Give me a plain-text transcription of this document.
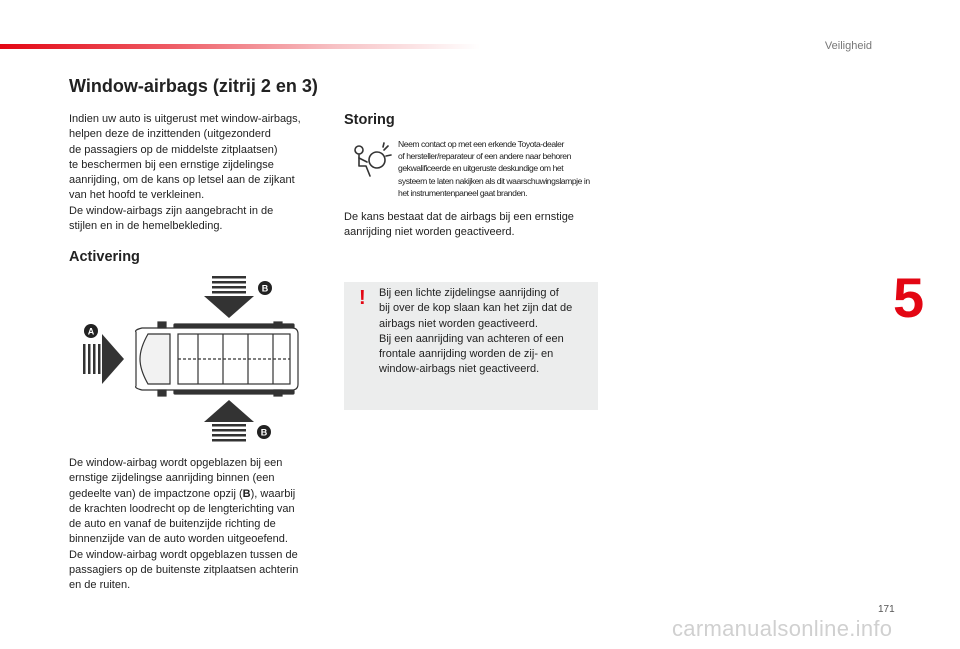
Veiligheid
5
Window-airbags (zitrij 2 en 3)

Indien uw auto is uitgerust met window-airbags,
helpen deze de inzittenden (uitgezonderd
de passagiers op de middelste zitplaatsen)
te beschermen bij een ernstige zijdelingse
aanrijding, om de kans op letsel aan de zijkant
van het hoofd te verkleinen.
De window-airbags zijn aangebracht in de
stijlen en in de hemelbekleding.

Activering
B
A
B

De window-airbag wordt opgeblazen bij een
ernstige zijdelingse aanrijding binnen (een
gedeelte van) de impactzone opzij (B), waarbij
de krachten loodrecht op de lengterichting van
de auto en vanaf de buitenzijde richting de
binnenzijde van de auto worden uitgeoefend.
De window-airbag wordt opgeblazen tussen de
passagiers op de buitenste zitplaatsen achterin
en de ruiten.

Storing

Neem contact op met een erkende Toyota-dealer
of hersteller/reparateur of een andere naar behoren
gekwalificeerde en uitgeruste deskundige om het
systeem te laten nakijken als dit waarschuwingslampje in
het instrumentenpaneel gaat branden.

De kans bestaat dat de airbags bij een ernstige
aanrijding niet worden geactiveerd.

! Bij een lichte zijdelingse aanrijding of
bij over de kop slaan kan het zijn dat de
airbags niet worden geactiveerd.
Bij een aanrijding van achteren of een
frontale aanrijding worden de zij- en
window-airbags niet geactiveerd.

171
carmanualsonline.info
